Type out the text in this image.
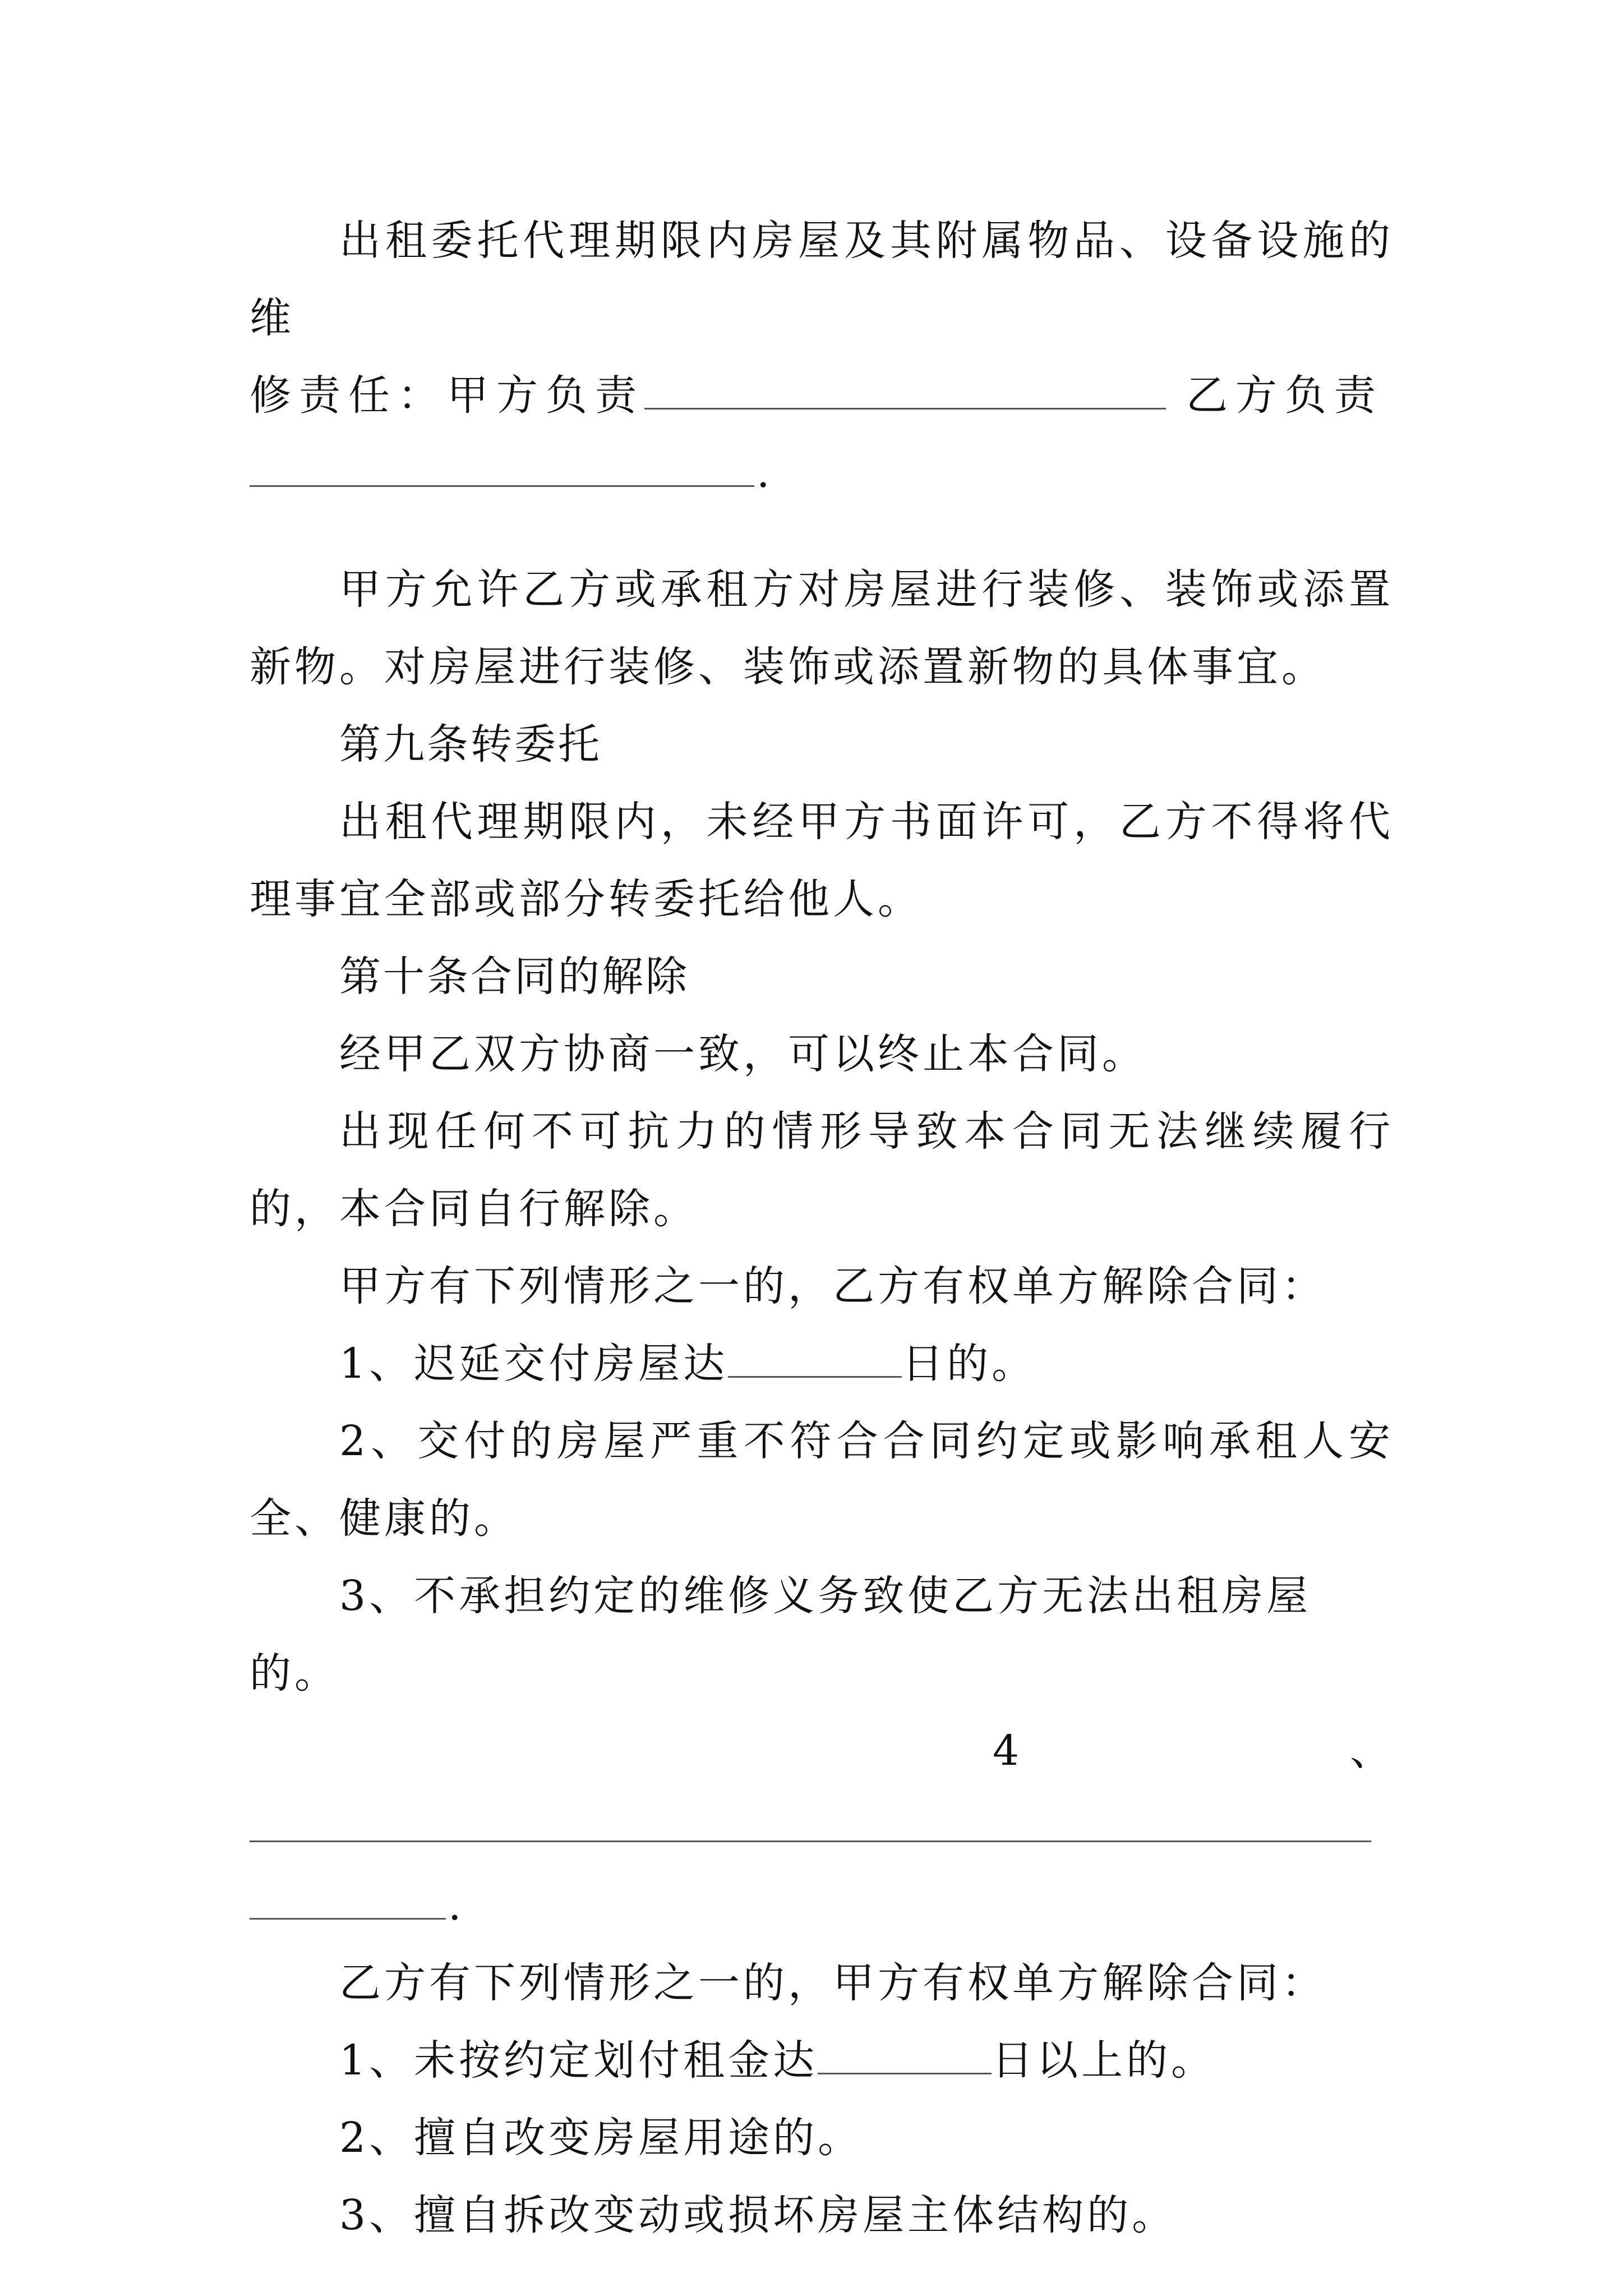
出租委托代理期限内房屋及其附属物品、设备设施的维

修责任：甲方负责	乙方负责

.

甲方允许乙方或承租方对房屋进行装修、装饰或添置新物。对房屋进行装修、装饰或添置新物的具体事宜。

第九条转委托

出租代理期限内，未经甲方书面许可，乙方不得将代理事宜全部或部分转委托给他人。

第十条合同的解除

经甲乙双方协商一致，可以终止本合同。

出现任何不可抗力的情形导致本合同无法继续履行的，本合同自行解除。

甲方有下列情形之一的，乙方有权单方解除合同：

1、迟延交付房屋达	日的。

2、交付的房屋严重不符合合同约定或影响承租人安全、健康的。

3、不承担约定的维修义务致使乙方无法出租房屋的。

4	、
.

乙方有下列情形之一的，甲方有权单方解除合同：

1、未按约定划付租金达	日以上的。

2、擅自改变房屋用途的。

3、擅自拆改变动或损坏房屋主体结构的。
